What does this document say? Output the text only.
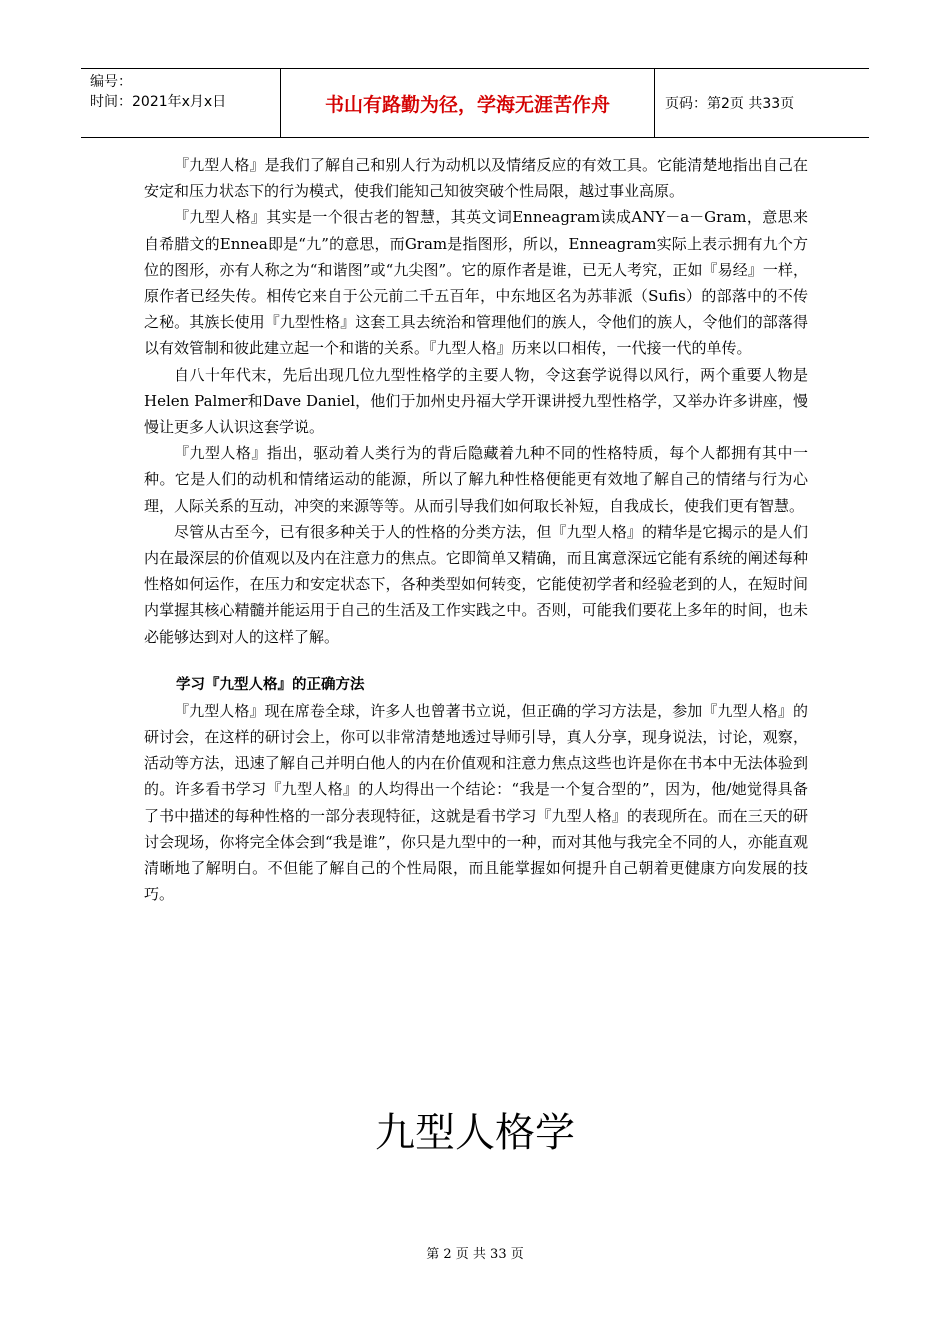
编号：
时间：2021年x月x日	书山有路勤为径，学海无涯苦作舟	页码：第2页 共33页

『九型人格』是我们了解自己和别人行为动机以及情绪反应的有效工具。它能清楚地指出自己在安定和压力状态下的行为模式，使我们能知己知彼突破个性局限，越过事业高原。

『九型人格』其实是一个很古老的智慧，其英文词Enneagram读成ANY－a－Gram，意思来自希腊文的Ennea即是“九”的意思，而Gram是指图形，所以，Enneagram实际上表示拥有九个方位的图形，亦有人称之为“和谐图”或“九尖图”。它的原作者是谁，已无人考究，正如『易经』一样，原作者已经失传。相传它来自于公元前二千五百年，中东地区名为苏菲派（Sufis）的部落中的不传之秘。其族长使用『九型性格』这套工具去统治和管理他们的族人，令他们的族人，令他们的部落得以有效管制和彼此建立起一个和谐的关系。『九型人格』历来以口相传，一代接一代的单传。

自八十年代末，先后出现几位九型性格学的主要人物，令这套学说得以风行，两个重要人物是Helen Palmer和Dave Daniel，他们于加州史丹福大学开课讲授九型性格学，又举办许多讲座，慢慢让更多人认识这套学说。

『九型人格』指出，驱动着人类行为的背后隐藏着九种不同的性格特质，每个人都拥有其中一种。它是人们的动机和情绪运动的能源，所以了解九种性格便能更有效地了解自己的情绪与行为心理，人际关系的互动，冲突的来源等等。从而引导我们如何取长补短，自我成长，使我们更有智慧。

尽管从古至今，已有很多种关于人的性格的分类方法，但『九型人格』的精华是它揭示的是人们内在最深层的价值观以及内在注意力的焦点。它即简单又精确，而且寓意深远它能有系统的阐述每种性格如何运作，在压力和安定状态下，各种类型如何转变，它能使初学者和经验老到的人，在短时间内掌握其核心精髓并能运用于自己的生活及工作实践之中。否则，可能我们要花上多年的时间，也未必能够达到对人的这样了解。

学习『九型人格』的正确方法

『九型人格』现在席卷全球，许多人也曾著书立说，但正确的学习方法是，参加『九型人格』的研讨会，在这样的研讨会上，你可以非常清楚地透过导师引导，真人分享，现身说法，讨论，观察，活动等方法，迅速了解自己并明白他人的内在价值观和注意力焦点这些也许是你在书本中无法体验到的。许多看书学习『九型人格』的人均得出一个结论：“我是一个复合型的”，因为，他/她觉得具备了书中描述的每种性格的一部分表现特征，这就是看书学习『九型人格』的表现所在。而在三天的研讨会现场，你将完全体会到“我是谁”，你只是九型中的一种，而对其他与我完全不同的人，亦能直观清晰地了解明白。不但能了解自己的个性局限，而且能掌握如何提升自己朝着更健康方向发展的技巧。

九型人格学
第 2 页 共 33 页
